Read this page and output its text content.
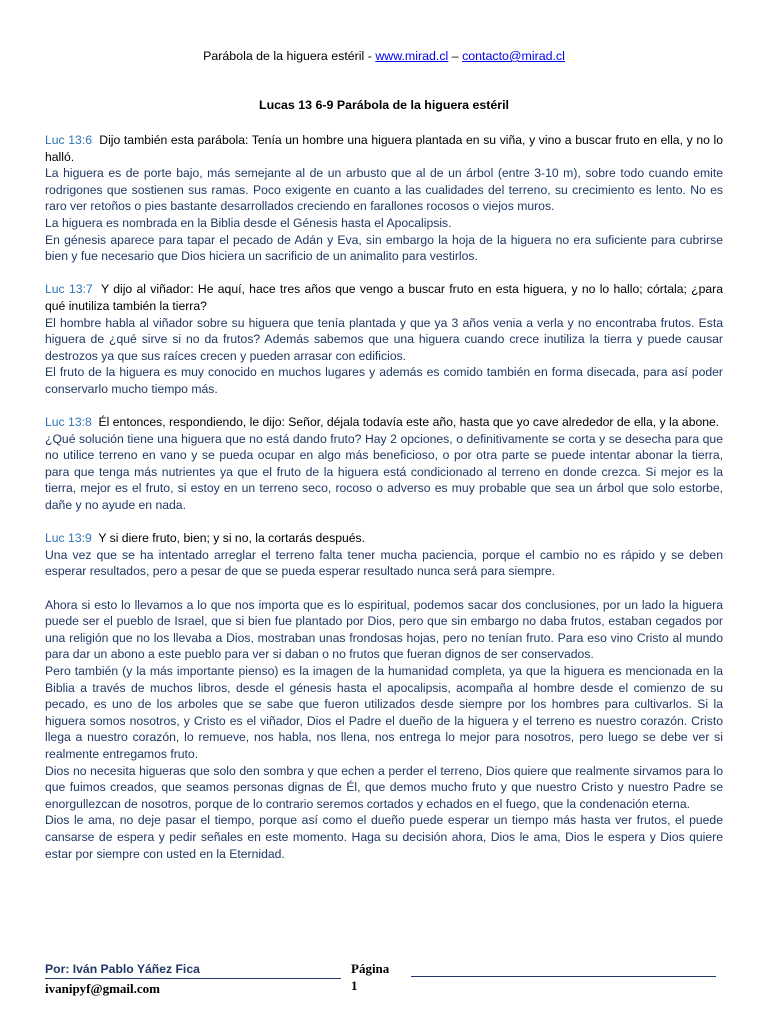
Parábola de la higuera estéril - www.mirad.cl – contacto@mirad.cl
Lucas 13 6-9 Parábola de la higuera estéril

Luc 13:6 Dijo también esta parábola: Tenía un hombre una higuera plantada en su viña, y vino a buscar fruto en ella, y no lo halló.

La higuera es de porte bajo, más semejante al de un arbusto que al de un árbol (entre 3-10 m), sobre todo cuando emite rodrigones que sostienen sus ramas. Poco exigente en cuanto a las cualidades del terreno, su crecimiento es lento. No es raro ver retoños o pies bastante desarrollados creciendo en farallones rocosos o viejos muros.

La higuera es nombrada en la Biblia desde el Génesis hasta el Apocalipsis.

En génesis aparece para tapar el pecado de Adán y Eva, sin embargo la hoja de la higuera no era suficiente para cubrirse bien y fue necesario que Dios hiciera un sacrificio de un animalito para vestirlos.

Luc 13:7 Y dijo al viñador: He aquí, hace tres años que vengo a buscar fruto en esta higuera, y no lo hallo; córtala; ¿para qué inutiliza también la tierra?

El hombre habla al viñador sobre su higuera que tenía plantada y que ya 3 años venia a verla y no encontraba frutos. Esta higuera de ¿qué sirve si no da frutos? Además sabemos que una higuera cuando crece inutiliza la tierra y puede causar destrozos ya que sus raíces crecen y pueden arrasar con edificios.

El fruto de la higuera es muy conocido en muchos lugares y además es comido también en forma disecada, para así poder conservarlo mucho tiempo más.

Luc 13:8 Él entonces, respondiendo, le dijo: Señor, déjala todavía este año, hasta que yo cave alrededor de ella, y la abone.

¿Qué solución tiene una higuera que no está dando fruto? Hay 2 opciones, o definitivamente se corta y se desecha para que no utilice terreno en vano y se pueda ocupar en algo más beneficioso, o por otra parte se puede intentar abonar la tierra, para que tenga más nutrientes ya que el fruto de la higuera está condicionado al terreno en donde crezca. Si mejor es la tierra, mejor es el fruto, si estoy en un terreno seco, rocoso o adverso es muy probable que sea un árbol que solo estorbe, dañe y no ayude en nada.

Luc 13:9 Y si diere fruto, bien; y si no, la cortarás después.

Una vez que se ha intentado arreglar el terreno falta tener mucha paciencia, porque el cambio no es rápido y se deben esperar resultados, pero a pesar de que se pueda esperar resultado nunca será para siempre.

Ahora si esto lo llevamos a lo que nos importa que es lo espiritual, podemos sacar dos conclusiones, por un lado la higuera puede ser el pueblo de Israel, que si bien fue plantado por Dios, pero que sin embargo no daba frutos, estaban cegados por una religión que no los llevaba a Dios, mostraban unas frondosas hojas, pero no tenían fruto. Para eso vino Cristo al mundo para dar un abono a este pueblo para ver si daban o no frutos que fueran dignos de ser conservados.

Pero también (y la más importante pienso) es la imagen de la humanidad completa, ya que la higuera es mencionada en la Biblia a través de muchos libros, desde el génesis hasta el apocalipsis, acompaña al hombre desde el comienzo de su pecado, es uno de los arboles que se sabe que fueron utilizados desde siempre por los hombres para cultivarlos. Si la higuera somos nosotros, y Cristo es el viñador, Dios el Padre el dueño de la higuera y el terreno es nuestro corazón. Cristo llega a nuestro corazón, lo remueve, nos habla, nos llena, nos entrega lo mejor para nosotros, pero luego se debe ver si realmente entregamos fruto.

Dios no necesita higueras que solo den sombra y que echen a perder el terreno, Dios quiere que realmente sirvamos para lo que fuimos creados, que seamos personas dignas de Él, que demos mucho fruto y que nuestro Cristo y nuestro Padre se enorgullezcan de nosotros, porque de lo contrario seremos cortados y echados en el fuego, que la condenación eterna.

Dios le ama, no deje pasar el tiempo, porque así como el dueño puede esperar un tiempo más hasta ver frutos, el puede cansarse de espera y pedir señales en este momento. Haga su decisión ahora, Dios le ama, Dios le espera y Dios quiere estar por siempre con usted en la Eternidad.

Por: Iván Pablo Yáñez Fica
ivanipyf@gmail.com
Página
1
